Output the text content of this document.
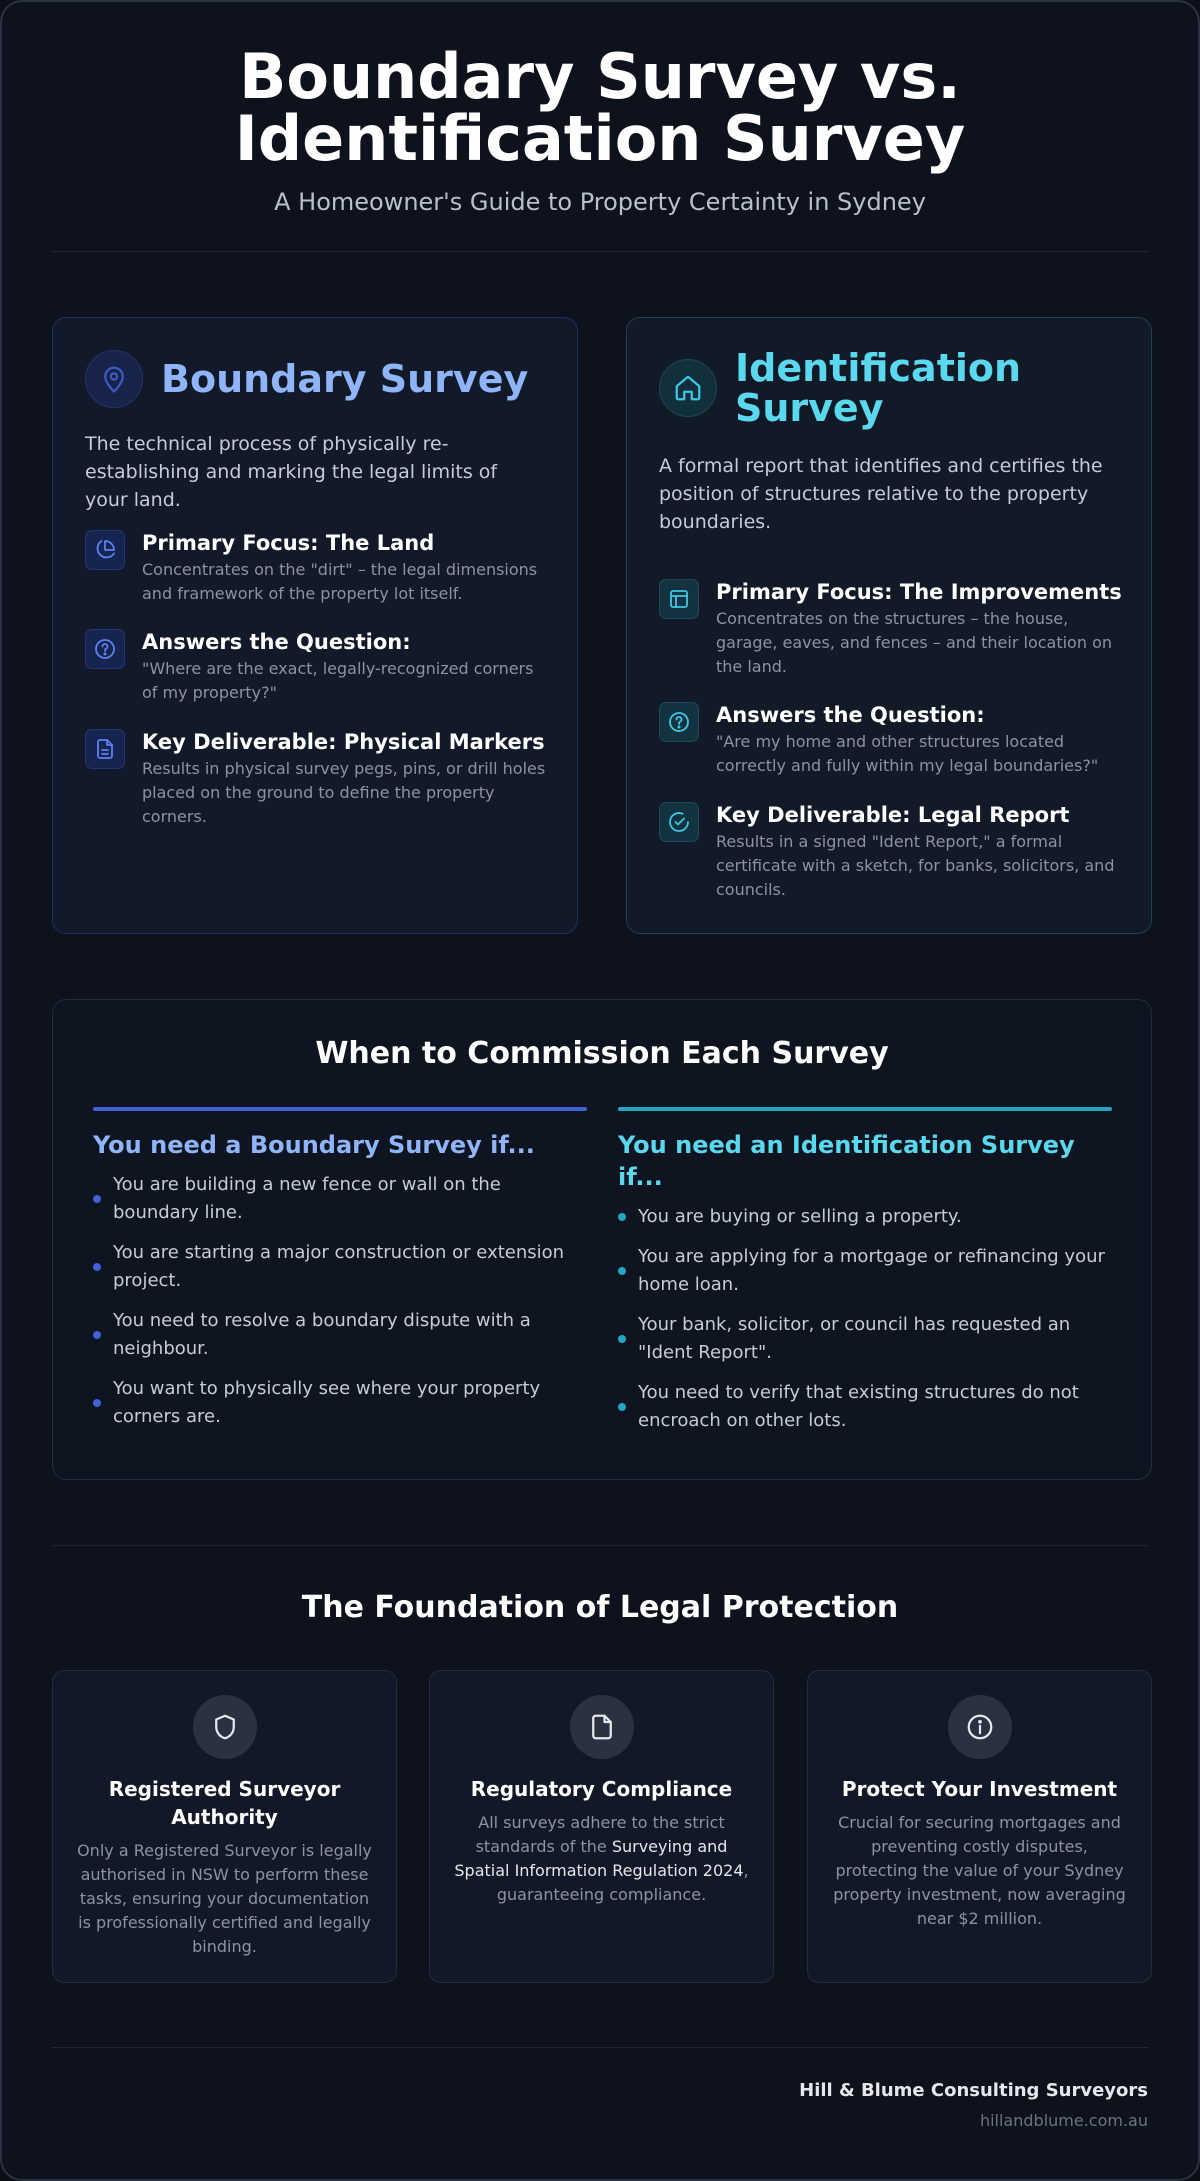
Boundary Survey vs.
Identification Survey
A Homeowner's Guide to Property Certainty in Sydney
Boundary Survey
The technical process of physically re-establishing and marking the legal limits of your land.
Primary Focus: The Land
Concentrates on the "dirt" – the legal dimensions and framework of the property lot itself.
Answers the Question:
"Where are the exact, legally-recognized corners of my property?"
Key Deliverable: Physical Markers
Results in physical survey pegs, pins, or drill holes placed on the ground to define the property corners.
Identification
Survey
A formal report that identifies and certifies the position of structures relative to the property boundaries.
Primary Focus: The Improvements
Concentrates on the structures – the house, garage, eaves, and fences – and their location on the land.
Answers the Question:
"Are my home and other structures located correctly and fully within my legal boundaries?"
Key Deliverable: Legal Report
Results in a signed "Ident Report," a formal certificate with a sketch, for banks, solicitors, and councils.
When to Commission Each Survey
You need a Boundary Survey if...
You are building a new fence or wall on the boundary line.
You are starting a major construction or extension project.
You need to resolve a boundary dispute with a neighbour.
You want to physically see where your property corners are.
You need an Identification Survey if...
You are buying or selling a property.
You are applying for a mortgage or refinancing your home loan.
Your bank, solicitor, or council has requested an "Ident Report".
You need to verify that existing structures do not encroach on other lots.
The Foundation of Legal Protection
Registered Surveyor Authority
Only a Registered Surveyor is legally authorised in NSW to perform these tasks, ensuring your documentation is professionally certified and legally binding.
Regulatory Compliance
All surveys adhere to the strict standards of the Surveying and Spatial Information Regulation 2024, guaranteeing compliance.
Protect Your Investment
Crucial for securing mortgages and preventing costly disputes, protecting the value of your Sydney property investment, now averaging near $2 million.
Hill & Blume Consulting Surveyors
hillandblume.com.au
